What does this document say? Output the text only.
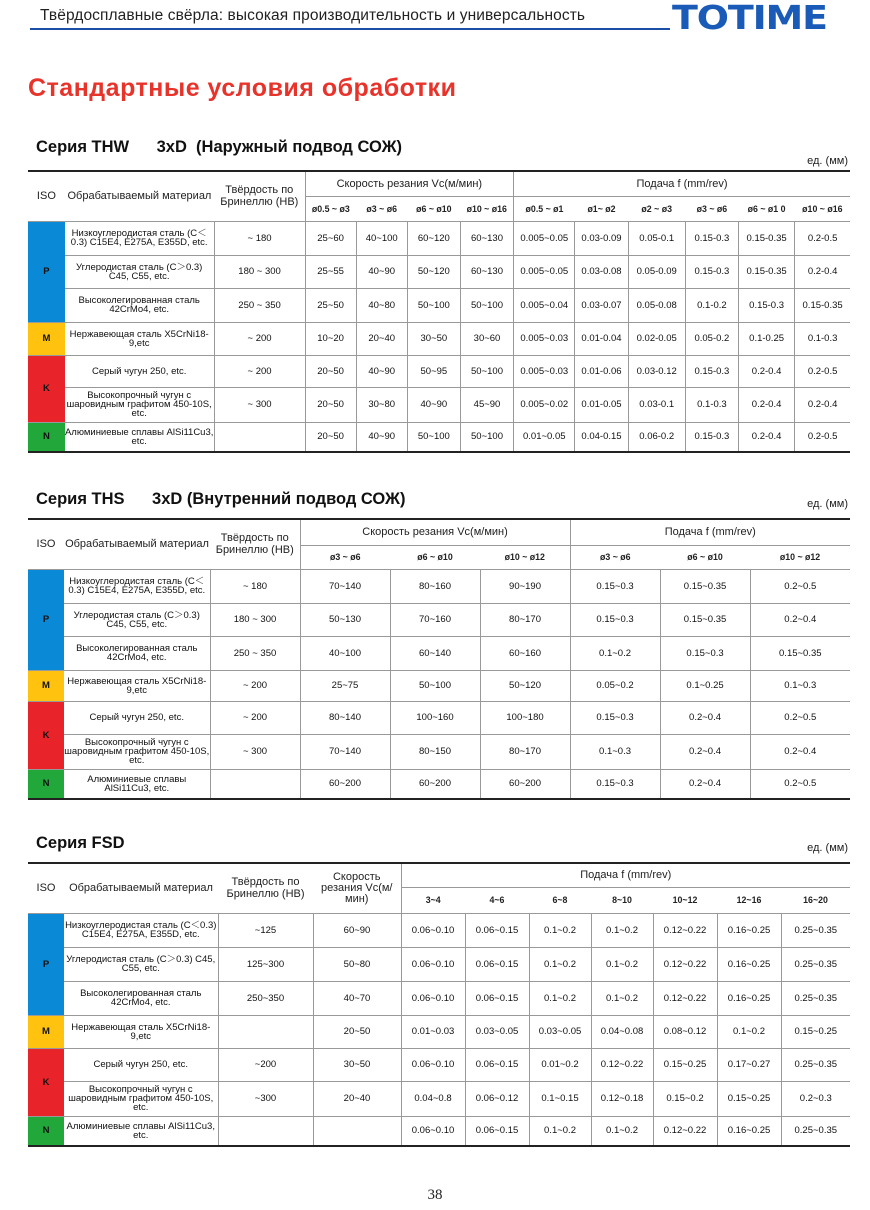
Твёрдосплавные свёрла: высокая производительность и универсальность	TOTIME
Стандартные условия обработки
Серия THW      3xD  (Наружный подвод СОЖ)
ед. (мм)
ISO	Обрабатываемый материал	Твёрдость по Бринеллю (HB)	Скорость резания Vc(м/мин)				Подача f (mm/rev)					
			ø0.5 ~ ø3	ø3 ~ ø6	ø6 ~ ø10	ø10 ~ ø16	ø0.5 ~ ø1	ø1~ ø2	ø2 ~ ø3	ø3 ~ ø6	ø6 ~ ø1 0	ø10 ~ ø16
P	Низкоуглеродистая сталь (C＜0.3) C15E4, E275A, E355D, etc.	~ 180	25~60	40~100	60~120	60~130	0.005~0.05	0.03-0.09	0.05-0.1	0.15-0.3	0.15-0.35	0.2-0.5
	Углеродистая сталь (C＞0.3) C45, C55, etc.	180 ~ 300	25~55	40~90	50~120	60~130	0.005~0.05	0.03-0.08	0.05-0.09	0.15-0.3	0.15-0.35	0.2-0.4
	Высоколегированная сталь 42CrMo4, etc.	250 ~ 350	25~50	40~80	50~100	50~100	0.005~0.04	0.03-0.07	0.05-0.08	0.1-0.2	0.15-0.3	0.15-0.35
M	Нержавеющая сталь X5CrNi18-9,etc	~ 200	10~20	20~40	30~50	30~60	0.005~0.03	0.01-0.04	0.02-0.05	0.05-0.2	0.1-0.25	0.1-0.3
K	Серый чугун 250, etc.	~ 200	20~50	40~90	50~95	50~100	0.005~0.03	0.01-0.06	0.03-0.12	0.15-0.3	0.2-0.4	0.2-0.5
	Высокопрочный чугун с шаровидным графитом 450-10S, etc.	~ 300	20~50	30~80	40~90	45~90	0.005~0.02	0.01-0.05	0.03-0.1	0.1-0.3	0.2-0.4	0.2-0.4
N	Алюминиевые сплавы AlSi11Cu3, etc.		20~50	40~90	50~100	50~100	0.01~0.05	0.04-0.15	0.06-0.2	0.15-0.3	0.2-0.4	0.2-0.5
Серия THS      3xD (Внутренний подвод СОЖ)	ед. (мм)
ISO	Обрабатываемый материал	Твёрдость по Бринеллю (HB)	Скорость резания Vc(м/мин)			Подача f (mm/rev)		
			ø3 ~ ø6	ø6 ~ ø10	ø10 ~ ø12	ø3 ~ ø6	ø6 ~ ø10	ø10 ~ ø12
P	Низкоуглеродистая сталь (C＜0.3) C15E4, E275A, E355D, etc.	~ 180	70~140	80~160	90~190	0.15~0.3	0.15~0.35	0.2~0.5
	Углеродистая сталь (C＞0.3) C45, C55, etc.	180 ~ 300	50~130	70~160	80~170	0.15~0.3	0.15~0.35	0.2~0.4
	Высоколегированная сталь 42CrMo4, etc.	250 ~ 350	40~100	60~140	60~160	0.1~0.2	0.15~0.3	0.15~0.35
M	Нержавеющая сталь X5CrNi18-9,etc	~ 200	25~75	50~100	50~120	0.05~0.2	0.1~0.25	0.1~0.3
K	Серый чугун 250, etc.	~ 200	80~140	100~160	100~180	0.15~0.3	0.2~0.4	0.2~0.5
	Высокопрочный чугун с шаровидным графитом 450-10S, etc.	~ 300	70~140	80~150	80~170	0.1~0.3	0.2~0.4	0.2~0.4
N	Алюминиевые сплавы AlSi11Cu3, etc.		60~200	60~200	60~200	0.15~0.3	0.2~0.4	0.2~0.5
Серия FSD	ед. (мм)
ISO	Обрабатываемый материал	Твёрдость по Бринеллю (HB)	Скорость резания Vc(м/мин)	Подача f (mm/rev)						
				3~4	4~6	6~8	8~10	10~12	12~16	16~20
P	Низкоуглеродистая сталь (C＜0.3) C15E4, E275A, E355D, etc.	~125	60~90	0.06~0.10	0.06~0.15	0.1~0.2	0.1~0.2	0.12~0.22	0.16~0.25	0.25~0.35
	Углеродистая сталь (C＞0.3) C45, C55, etc.	125~300	50~80	0.06~0.10	0.06~0.15	0.1~0.2	0.1~0.2	0.12~0.22	0.16~0.25	0.25~0.35
	Высоколегированная сталь 42CrMo4, etc.	250~350	40~70	0.06~0.10	0.06~0.15	0.1~0.2	0.1~0.2	0.12~0.22	0.16~0.25	0.25~0.35
M	Нержавеющая сталь X5CrNi18-9,etc		20~50	0.01~0.03	0.03~0.05	0.03~0.05	0.04~0.08	0.08~0.12	0.1~0.2	0.15~0.25
K	Серый чугун 250, etc.	~200	30~50	0.06~0.10	0.06~0.15	0.01~0.2	0.12~0.22	0.15~0.25	0.17~0.27	0.25~0.35
	Высокопрочный чугун с шаровидным графитом 450-10S, etc.	~300	20~40	0.04~0.8	0.06~0.12	0.1~0.15	0.12~0.18	0.15~0.2	0.15~0.25	0.2~0.3
N	Алюминиевые сплавы AlSi11Cu3, etc.			0.06~0.10	0.06~0.15	0.1~0.2	0.1~0.2	0.12~0.22	0.16~0.25	0.25~0.35
38
